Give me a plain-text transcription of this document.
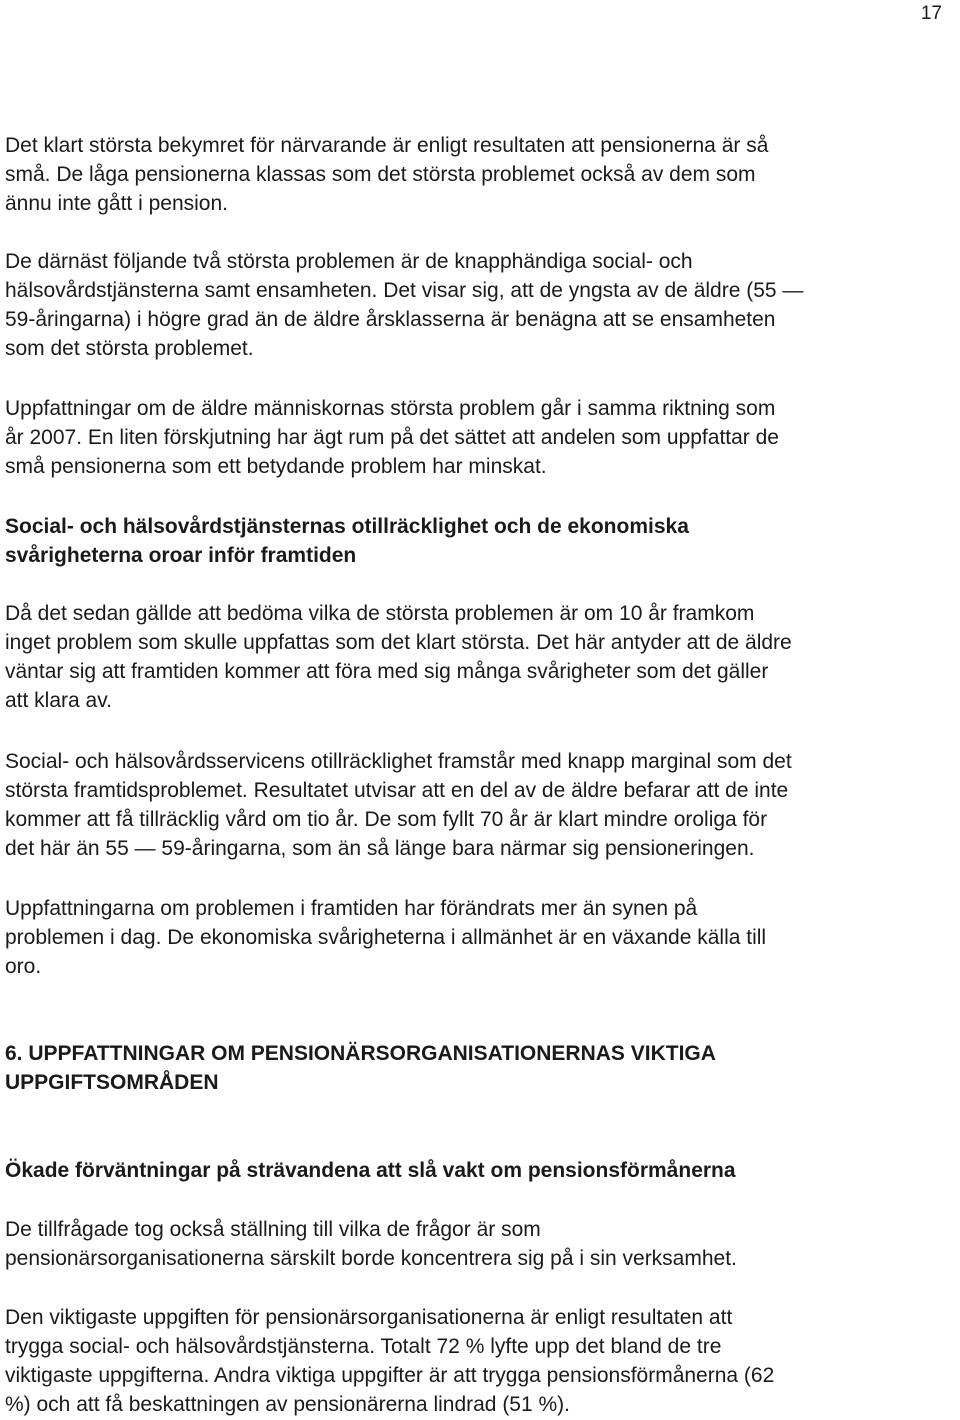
17
Det klart största bekymret för närvarande är enligt resultaten att pensionerna är så
små. De låga pensionerna klassas som det största problemet också av dem som
ännu inte gått i pension.
De därnäst följande två största problemen är de knapphändiga social- och
hälsovårdstjänsterna samt ensamheten. Det visar sig, att de yngsta av de äldre (55 —
59-åringarna) i högre grad än de äldre årsklasserna är benägna att se ensamheten
som det största problemet.
Uppfattningar om de äldre människornas största problem går i samma riktning som
år 2007. En liten förskjutning har ägt rum på det sättet att andelen som uppfattar de
små pensionerna som ett betydande problem har minskat.
Social- och hälsovårdstjänsternas otillräcklighet och de ekonomiska
svårigheterna oroar inför framtiden
Då det sedan gällde att bedöma vilka de största problemen är om 10 år framkom
inget problem som skulle uppfattas som det klart största. Det här antyder att de äldre
väntar sig att framtiden kommer att föra med sig många svårigheter som det gäller
att klara av.
Social- och hälsovårdsservicens otillräcklighet framstår med knapp marginal som det
största framtidsproblemet. Resultatet utvisar att en del av de äldre befarar att de inte
kommer att få tillräcklig vård om tio år. De som fyllt 70 år är klart mindre oroliga för
det här än 55 — 59-åringarna, som än så länge bara närmar sig pensioneringen.
Uppfattningarna om problemen i framtiden har förändrats mer än synen på
problemen i dag. De ekonomiska svårigheterna i allmänhet är en växande källa till
oro.
6. UPPFATTNINGAR OM PENSIONÄRSORGANISATIONERNAS VIKTIGA
UPPGIFTSOMRÅDEN
Ökade förväntningar på strävandena att slå vakt om pensionsförmånerna
De tillfrågade tog också ställning till vilka de frågor är som
pensionärsorganisationerna särskilt borde koncentrera sig på i sin verksamhet.
Den viktigaste uppgiften för pensionärsorganisationerna är enligt resultaten att
trygga social- och hälsovårdstjänsterna. Totalt 72 % lyfte upp det bland de tre
viktigaste uppgifterna. Andra viktiga uppgifter är att trygga pensionsförmånerna (62
%) och att få beskattningen av pensionärerna lindrad (51 %).
